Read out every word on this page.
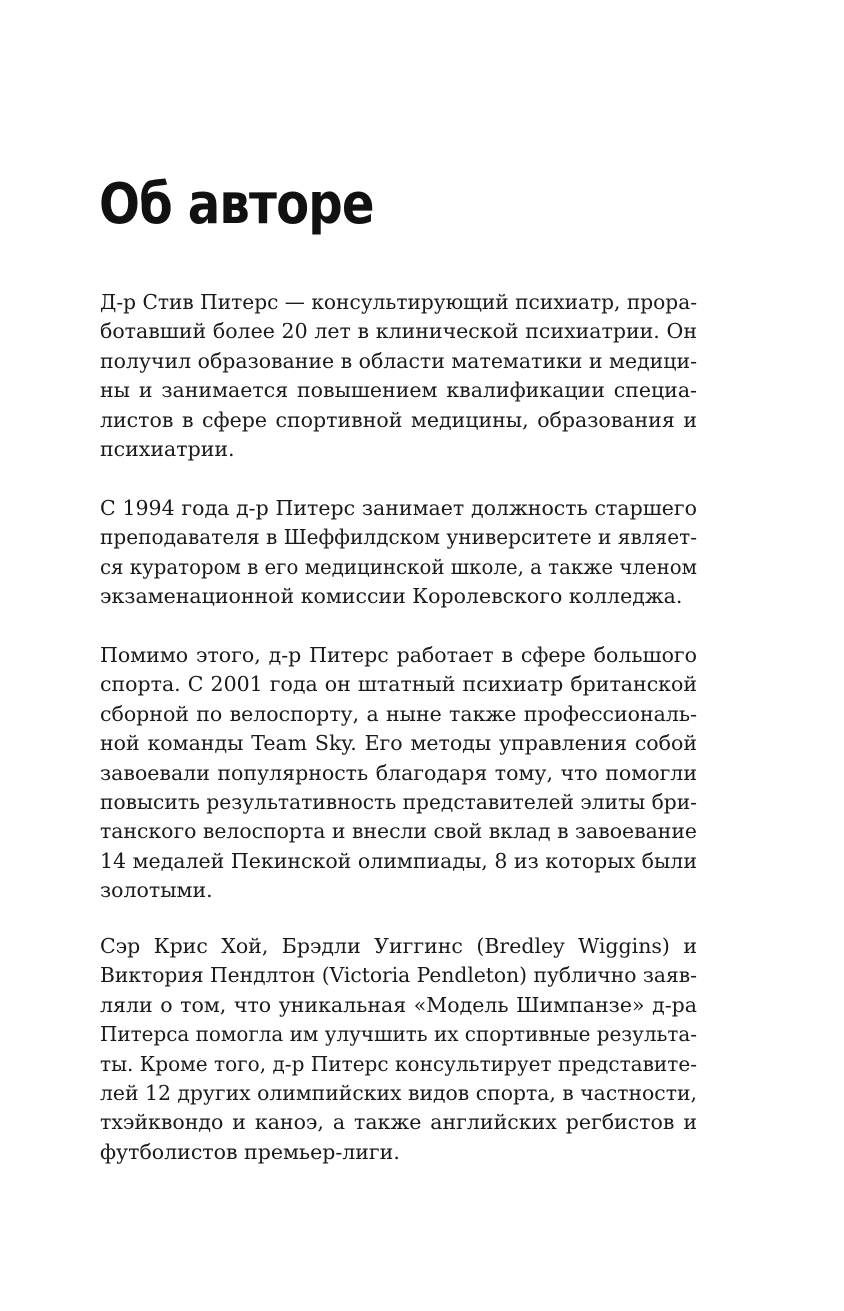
Об авторе

Д-р Стив Питерс — консультирующий психиатр, прора-
ботавший более 20 лет в клинической психиатрии. Он
получил образование в области математики и медици-
ны и занимается повышением квалификации специа-
листов в сфере спортивной медицины, образования и
психиатрии.

С 1994 года д-р Питерс занимает должность старшего
преподавателя в Шеффилдском университете и являет-
ся куратором в его медицинской школе, а также членом
экзаменационной комиссии Королевского колледжа.

Помимо этого, д-р Питерс работает в сфере большого
спорта. С 2001 года он штатный психиатр британской
сборной по велоспорту, а ныне также профессиональ-
ной команды Team Sky. Его методы управления собой
завоевали популярность благодаря тому, что помогли
повысить результативность представителей элиты бри-
танского велоспорта и внесли свой вклад в завоевание
14 медалей Пекинской олимпиады, 8 из которых были
золотыми.

Сэр Крис Хой, Брэдли Уиггинс (Bredley Wiggins) и
Виктория Пендлтон (Victoria Pendleton) публично заяв-
ляли о том, что уникальная «Модель Шимпанзе» д-ра
Питерса помогла им улучшить их спортивные результа-
ты. Кроме того, д-р Питерс консультирует представите-
лей 12 других олимпийских видов спорта, в частности,
тхэйквондо и каноэ, а также английских регбистов и
футболистов премьер-лиги.
